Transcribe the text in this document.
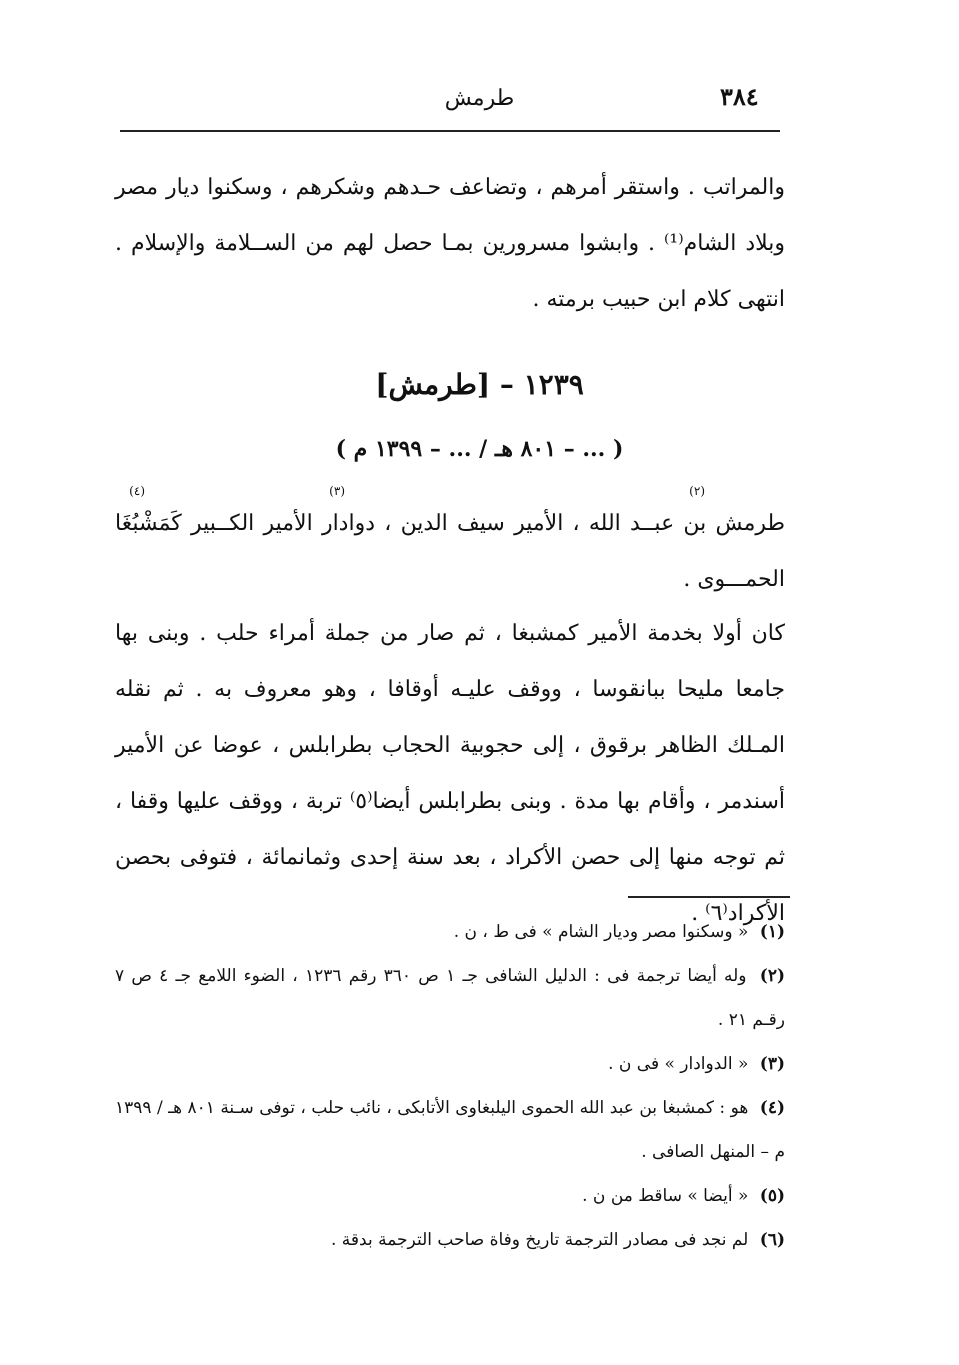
طرمش	٣٨٤
والمراتب . واستقر أمرهم ، وتضاعف حـدهم وشكرهم ، وسكنوا ديار مصر وبلاد الشام⁽¹⁾ . وابشوا مسرورين بمـا حصل لهم من الســلامة والإسلام . انتهى كلام ابن حبيب برمته .
١٢٣٩ – [طرمش]
( ... – ٨٠١ هـ / ... – ١٣٩٩ م )
(٢)
(٣)
(٤)
طرمش بن عبــد الله ، الأمير سيف الدين ، دوادار الأمير الكــبير كَمَشْبُغَا الحمـــوى .
كان أولا بخدمة الأمير كمشبغا ، ثم صار من جملة أمراء حلب . وبنى بها جامعا مليحا ببانقوسا ، ووقف عليـه أوقافا ، وهو معروف به . ثم نقله المـلك الظاهر برقوق ، إلى حجوبية الحجاب بطرابلس ، عوضا عن الأمير أسندمر ، وأقام بها مدة . وبنى بطرابلس أيضا⁽٥⁾ تربة ، ووقف عليها وقفا ، ثم توجه منها إلى حصن الأكراد ، بعد سنة إحدى وثمانمائة ، فتوفى بحصن الأكراد⁽٦⁾ .

(١) « وسكنوا مصر وديار الشام » فى ط ، ن .

(٢) وله أيضا ترجمة فى : الدليل الشافى جـ ١ ص ٣٦٠ رقم ١٢٣٦ ، الضوء اللامع جـ ٤ ص ٧ رقـم ٢١ .

(٣) « الدوادار » فى ن .

(٤) هو : كمشبغا بن عبد الله الحموى اليلبغاوى الأتابكى ، نائب حلب ، توفى سـنة ٨٠١ هـ / ١٣٩٩ م – المنهل الصافى .

(٥) « أيضا » ساقط من ن .

(٦) لم نجد فى مصادر الترجمة تاريخ وفاة صاحب الترجمة بدقة .
